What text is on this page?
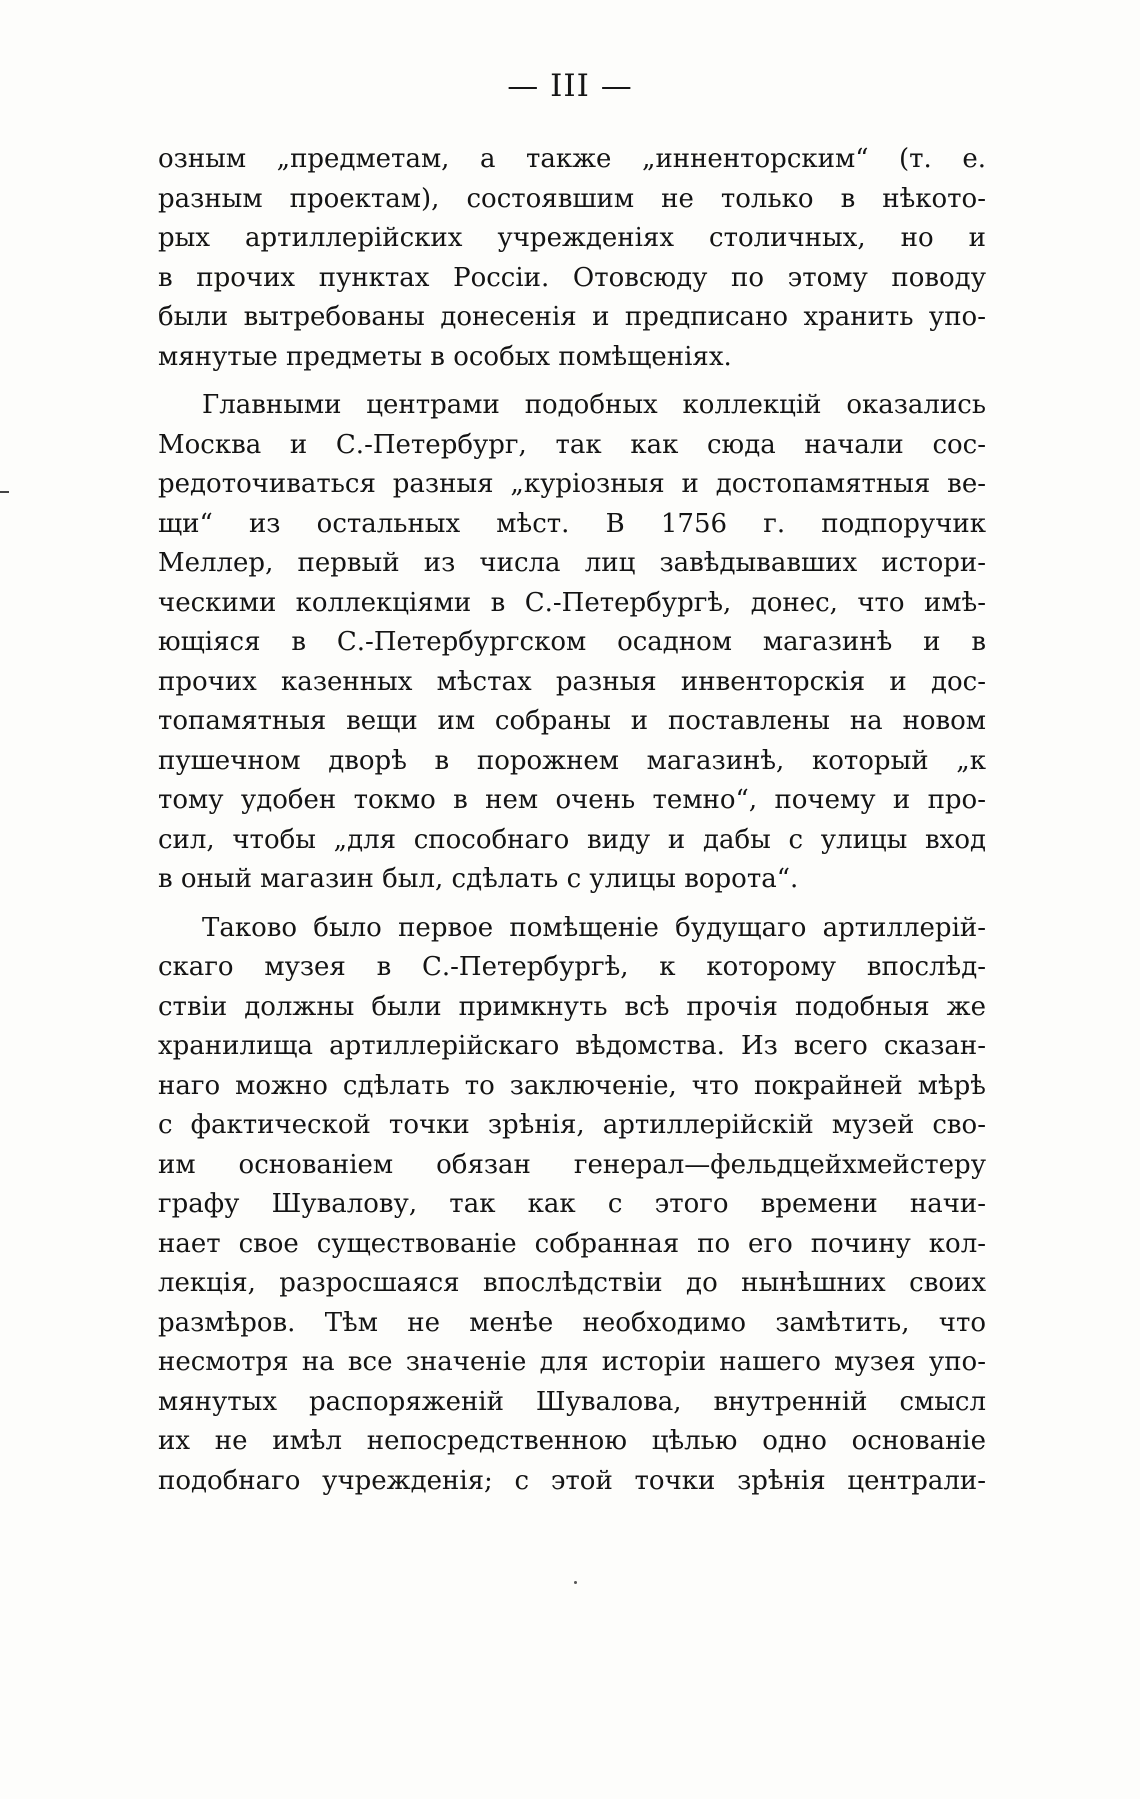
— III —
озным „предметам, а также „инненторским“ (т. е.
разным проектам), состоявшим не только в нѣкото-
рых артиллерійских учрежденіях столичных, но и
в прочих пунктах Россіи. Отовсюду по этому поводу
были вытребованы донесенія и предписано хранить упо-
мянутые предметы в особых помѣщеніях.
Главными центрами подобных коллекцій оказались
Москва и С.-Петербург, так как сюда начали сос-
редоточиваться разныя „куріозныя и достопамятныя ве-
щи“ из остальных мѣст. В 1756 г. подпоручик
Меллер, первый из числа лиц завѣдывавших истори-
ческими коллекціями в С.-Петербургѣ, донес, что имѣ-
ющіяся в С.-Петербургском осадном магазинѣ и в
прочих казенных мѣстах разныя инвенторскія и дос-
топамятныя вещи им собраны и поставлены на новом
пушечном дворѣ в порожнем магазинѣ, который „к
тому удобен токмо в нем очень темно“, почему и про-
сил, чтобы „для способнаго виду и дабы с улицы вход
в оный магазин был, сдѣлать с улицы ворота“.
Таково было первое помѣщеніе будущаго артиллерій-
скаго музея в С.-Петербургѣ, к которому впослѣд-
ствіи должны были примкнуть всѣ прочія подобныя же
хранилища артиллерійскаго вѣдомства. Из всего сказан-
наго можно сдѣлать то заключеніе, что покрайней мѣрѣ
с фактической точки зрѣнія, артиллерійскій музей сво-
им основаніем обязан генерал—фельдцейхмейстеру
графу Шувалову, так как с этого времени начи-
нает свое существованіе собранная по его почину кол-
лекція, разросшаяся впослѣдствіи до нынѣшних своих
размѣров. Тѣм не менѣе необходимо замѣтить, что
несмотря на все значеніе для исторіи нашего музея упо-
мянутых распоряженій Шувалова, внутренній смысл
их не имѣл непосредственною цѣлью одно основаніе
подобнаго учрежденія; с этой точки зрѣнія централи-
